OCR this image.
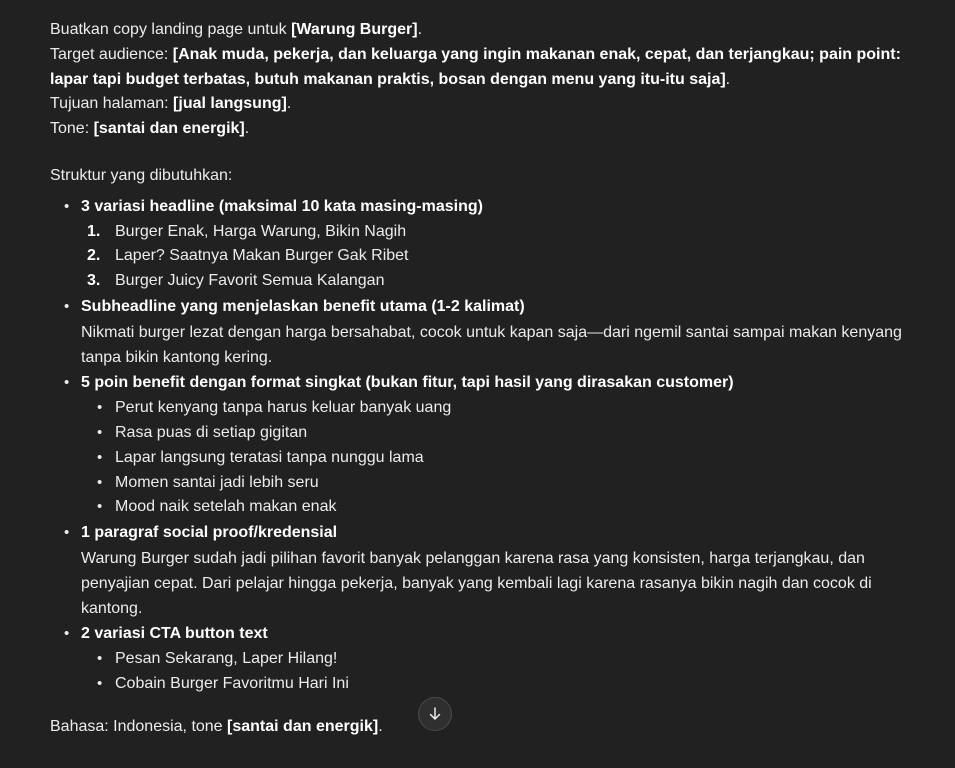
Buatkan copy landing page untuk [Warung Burger].
Target audience: [Anak muda, pekerja, dan keluarga yang ingin makanan enak, cepat, dan terjangkau; pain point: lapar tapi budget terbatas, butuh makanan praktis, bosan dengan menu yang itu-itu saja].
Tujuan halaman: [jual langsung].
Tone: [santai dan energik].
Struktur yang dibutuhkan:
• 3 variasi headline (maksimal 10 kata masing-masing)
1. Burger Enak, Harga Warung, Bikin Nagih
2. Laper? Saatnya Makan Burger Gak Ribet
3. Burger Juicy Favorit Semua Kalangan
• Subheadline yang menjelaskan benefit utama (1-2 kalimat)
Nikmati burger lezat dengan harga bersahabat, cocok untuk kapan saja—dari ngemil santai sampai makan kenyang tanpa bikin kantong kering.
• 5 poin benefit dengan format singkat (bukan fitur, tapi hasil yang dirasakan customer)
• Perut kenyang tanpa harus keluar banyak uang
• Rasa puas di setiap gigitan
• Lapar langsung teratasi tanpa nunggu lama
• Momen santai jadi lebih seru
• Mood naik setelah makan enak
• 1 paragraf social proof/kredensial
Warung Burger sudah jadi pilihan favorit banyak pelanggan karena rasa yang konsisten, harga terjangkau, dan penyajian cepat. Dari pelajar hingga pekerja, banyak yang kembali lagi karena rasanya bikin nagih dan cocok di kantong.
• 2 variasi CTA button text
• Pesan Sekarang, Laper Hilang!
• Cobain Burger Favoritmu Hari Ini
Bahasa: Indonesia, tone [santai dan energik].
